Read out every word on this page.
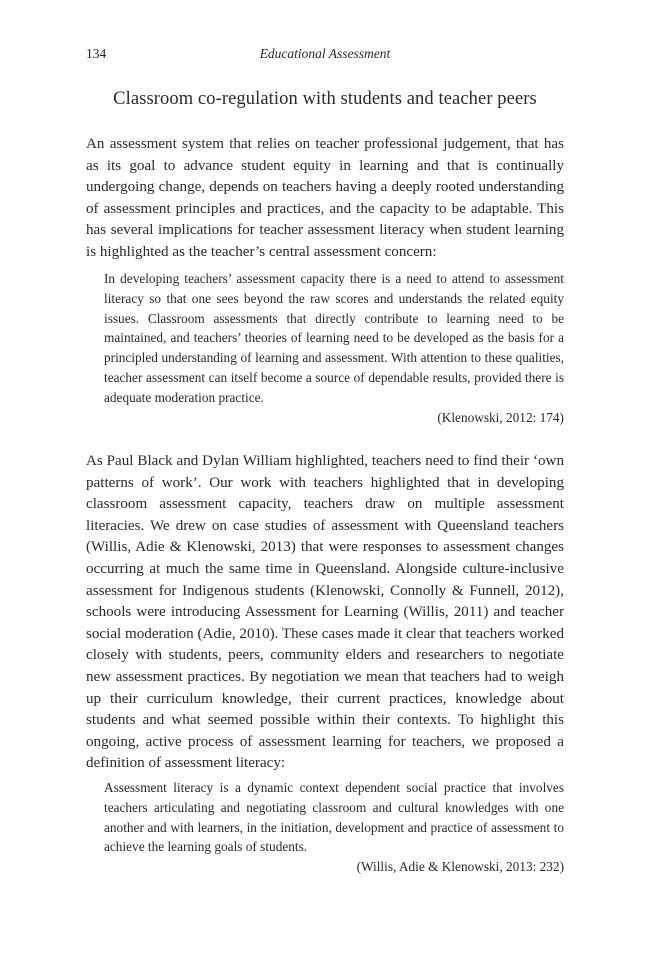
134	Educational Assessment
Classroom co-regulation with students and teacher peers

An assessment system that relies on teacher professional judgement, that has as its goal to advance student equity in learning and that is continually undergoing change, depends on teachers having a deeply rooted understanding of assessment principles and practices, and the capacity to be adaptable. This has several implications for teacher assessment literacy when student learning is highlighted as the teacher’s central assessment concern:

In developing teachers’ assessment capacity there is a need to attend to assessment literacy so that one sees beyond the raw scores and understands the related equity issues. Classroom assessments that directly contribute to learning need to be maintained, and teachers’ theories of learning need to be developed as the basis for a principled understanding of learning and assessment. With attention to these qualities, teacher assessment can itself become a source of dependable results, provided there is adequate moderation practice.

(Klenowski, 2012: 174)

As Paul Black and Dylan William highlighted, teachers need to find their ‘own patterns of work’. Our work with teachers highlighted that in developing classroom assessment capacity, teachers draw on multiple assessment literacies. We drew on case studies of assessment with Queensland teachers (Willis, Adie & Klenowski, 2013) that were responses to assessment changes occurring at much the same time in Queensland. Alongside culture-inclusive assessment for Indigenous students (Klenowski, Connolly & Funnell, 2012), schools were introducing Assessment for Learning (Willis, 2011) and teacher social moderation (Adie, 2010). These cases made it clear that teachers worked closely with students, peers, community elders and researchers to negotiate new assessment practices. By negotiation we mean that teachers had to weigh up their curriculum knowledge, their current practices, knowledge about students and what seemed possible within their contexts. To highlight this ongoing, active process of assessment learning for teachers, we proposed a definition of assessment literacy:

Assessment literacy is a dynamic context dependent social practice that involves teachers articulating and negotiating classroom and cultural knowledges with one another and with learners, in the initiation, development and practice of assessment to achieve the learning goals of students.

(Willis, Adie & Klenowski, 2013: 232)
